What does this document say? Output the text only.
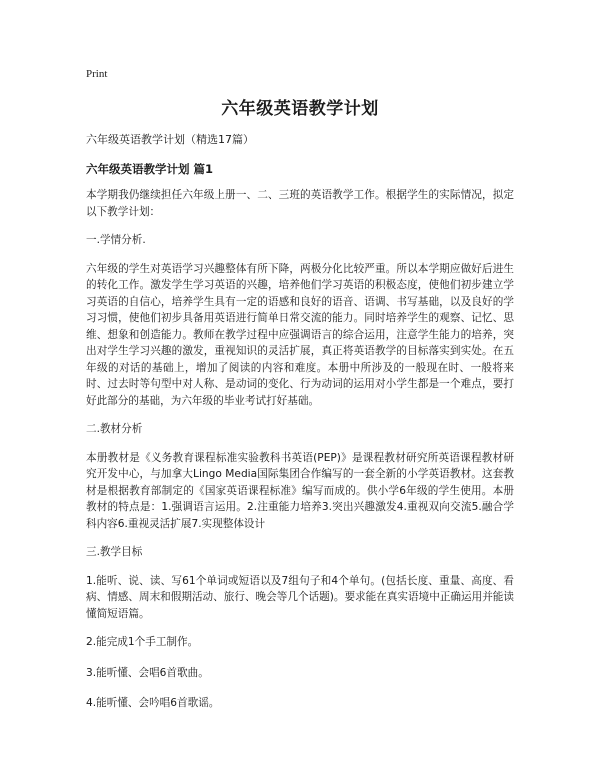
Print
六年级英语教学计划
六年级英语教学计划（精选17篇）
六年级英语教学计划 篇1

本学期我仍继续担任六年级上册一、二、三班的英语教学工作。根据学生的实际情况，拟定以下教学计划：

一.学情分析.

六年级的学生对英语学习兴趣整体有所下降，两极分化比较严重。所以本学期应做好后进生的转化工作。激发学生学习英语的兴趣，培养他们学习英语的积极态度，使他们初步建立学习英语的自信心，培养学生具有一定的语感和良好的语音、语调、书写基础，以及良好的学习习惯，使他们初步具备用英语进行简单日常交流的能力。同时培养学生的观察、记忆、思维、想象和创造能力。教师在教学过程中应强调语言的综合运用，注意学生能力的培养，突出对学生学习兴趣的激发，重视知识的灵活扩展，真正将英语教学的目标落实到实处。在五年级的对话的基础上，增加了阅读的内容和难度。本册中所涉及的一般现在时、一般将来时、过去时等句型中对人称、是动词的变化、行为动词的运用对小学生都是一个难点，要打好此部分的基础，为六年级的毕业考试打好基础。

二.教材分析

本册教材是《义务教育课程标准实验教科书英语(PEP)》是课程教材研究所英语课程教材研究开发中心，与加拿大Lingo Media国际集团合作编写的一套全新的小学英语教材。这套教材是根据教育部制定的《国家英语课程标准》编写而成的。供小学6年级的学生使用。本册教材的特点是：1.强调语言运用。2.注重能力培养3.突出兴趣激发4.重视双向交流5.融合学科内容6.重视灵活扩展7.实现整体设计

三.教学目标

1.能听、说、读、写61个单词或短语以及7组句子和4个单句。(包括长度、重量、高度、看病、情感、周末和假期活动、旅行、晚会等几个话题)。要求能在真实语境中正确运用并能读懂简短语篇。

2.能完成1个手工制作。

3.能听懂、会唱6首歌曲。

4.能听懂、会吟唱6首歌谣。
